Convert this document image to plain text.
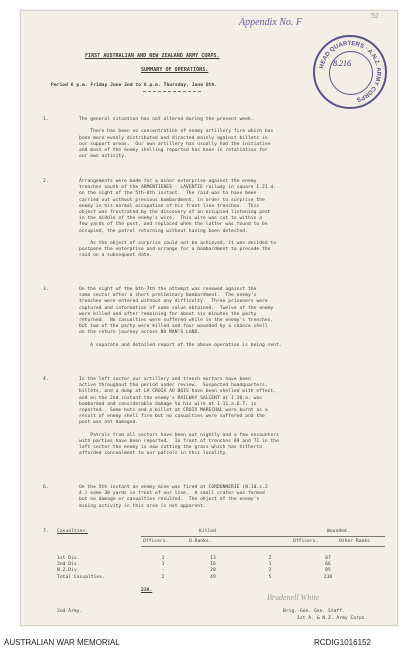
52
Appendix No. F
HEAD QUARTERS · A.N.Z. ARMY CORPS
8.216
FIRST AUSTRALIAN AND NEW ZEALAND ARMY CORPS.
SUMMARY OF OPERATIONS.
Period 6 p.m. Friday June 2nd to 6.p.m. Thursday, June 8th.
1.	The general situation has not altered during the present week.
There has been no concentration of enemy artillery fire which has
been more evenly distributed and directed mainly against billets in
our support areas.  Our own artillery has usually had the initiative
and most of the enemy shelling reported has been in retaliation for
our own activity.
2.	Arrangements were made for a minor enterprise against the enemy
trenches south of the ARMENTIERES - LAVENTIE railway in square I.21.d.
on the night of the 5th-6th instant.  The raid was to have been
carried out without previous bombardment, in order to surprise the
enemy in his normal occupation of his front line trenches.  This
object was frustrated by the discovery of an occupied listening post
in the middle of the enemy's wire.  This wire was cut to within a
few yards of the post, and replaced when the latter was found to be
occupied, the patrol returning without having been detected.
As the object of surprise could not be achieved, it was decided to
postpone the enterprise and arrange for a bombardment to precede the
raid on a subsequent date.
3.	On the night of the 6th-7th the attempt was renewed against the
same sector after a short preliminary bombardment.  The enemy's
trenches were entered without any difficulty.  Three prisoners were
captured and information of some value obtained.  Twelve of the enemy
were killed and after remaining for about six minutes the party
returned.  No casualties were suffered while in the enemy's trenches,
but two of the party were killed and four wounded by a chance shell
on the return journey across NO MAN'S LAND.
A separate and detailed report of the above operation is being sent.
4.	In the left sector our artillery and trench mortars have been
active throughout the period under review.  Suspected headquarters,
billets, and a dump at LA CROIX AU BOIS have been shelled with effect,
and on the 2nd instant the enemy's RAILWAY SALIENT at I.10.a. was
bombarded and considerable damage to his wire at I.11.a.6.7. is
reported.  Some huts and a billet at CROIX MARECHAL were burnt as a
result of enemy shell fire but no casualties were suffered and the
post was not damaged.
Patrols from all sectors have been out nightly and a few encounters
with parties have been reported.  In front of trenches 69 and 71 in the
left sector the enemy is now cutting the grass which has hitherto
afforded concealment to our patrols in this locality.
6.	On the 5th instant an enemy mine was fired at CORDONNERIE (N.10.c.2
4.) some 30 yards in front of our line.  A small crater was formed
but no damage or casualties resulted.  The object of the enemy's
mining activity in this area is not apparent.
7. Casualties.	Killed	Wounded.
Officers.	O.Ranks.	Officers.	Other Ranks
1st Div.	1	13	2	87
2nd Div.	1	16	1	66
N.Z.Div.	-	20	2	85
Total Casualties.	2	49	5	238
238.
Brudenell White
2nd Army.	Brig.-Gen. Gen. Staff.
1st A. & N.Z. Army Corps.
AUSTRALIAN WAR MEMORIAL	RCDIG1016152
